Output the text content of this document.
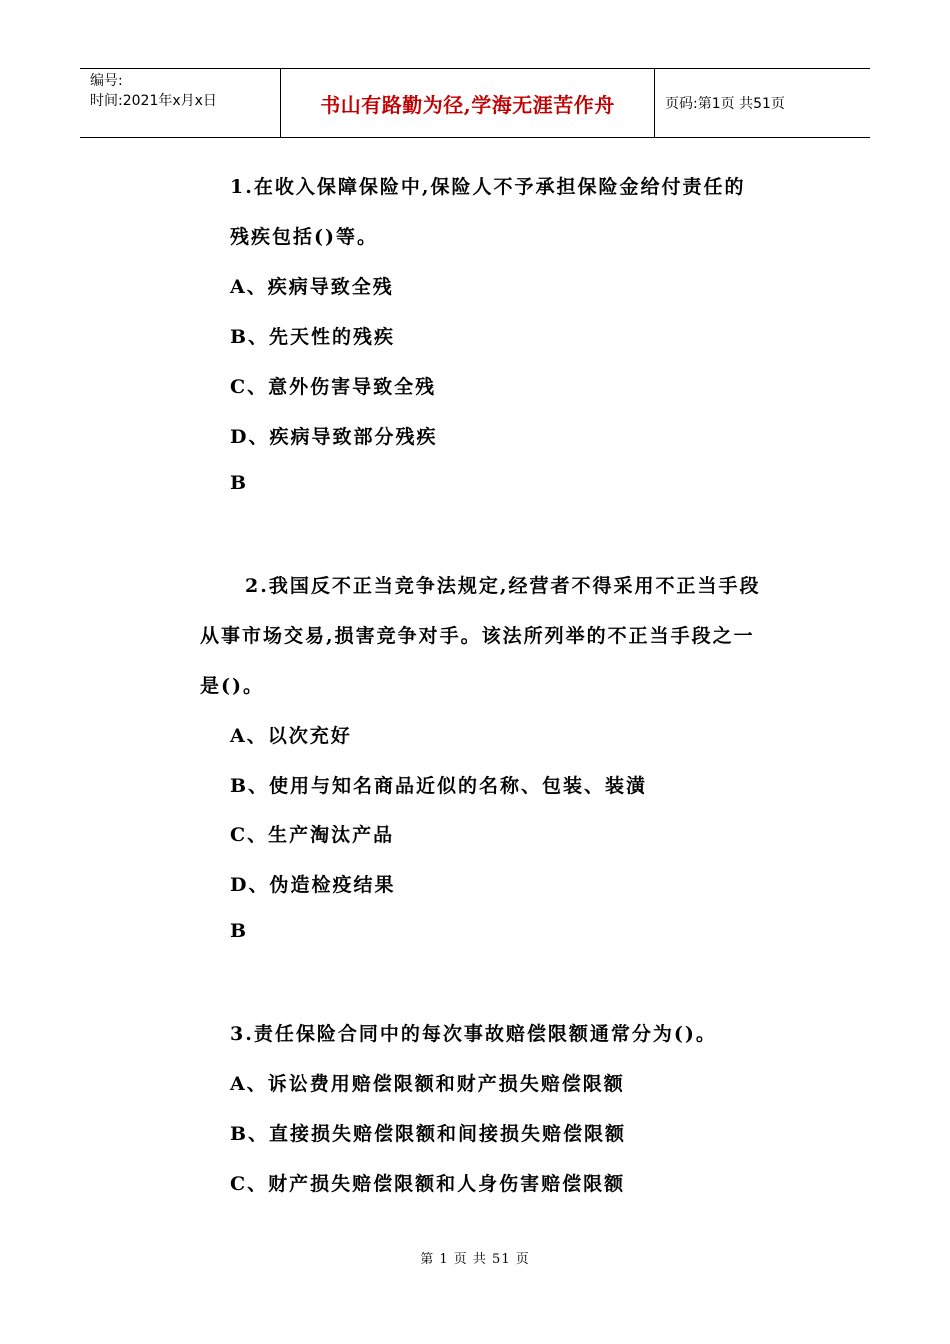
编号:
时间:2021年x月x日	书山有路勤为径,学海无涯苦作舟	页码:第1页 共51页
1.在收入保障保险中,保险人不予承担保险金给付责任的
残疾包括()等。
A、疾病导致全残
B、先天性的残疾
C、意外伤害导致全残
D、疾病导致部分残疾
B
2.我国反不正当竞争法规定,经营者不得采用不正当手段
从事市场交易,损害竞争对手。该法所列举的不正当手段之一
是()。
A、以次充好
B、使用与知名商品近似的名称、包装、装潢
C、生产淘汰产品
D、伪造检疫结果
B
3.责任保险合同中的每次事故赔偿限额通常分为()。
A、诉讼费用赔偿限额和财产损失赔偿限额
B、直接损失赔偿限额和间接损失赔偿限额
C、财产损失赔偿限额和人身伤害赔偿限额
第 1 页 共 51 页
